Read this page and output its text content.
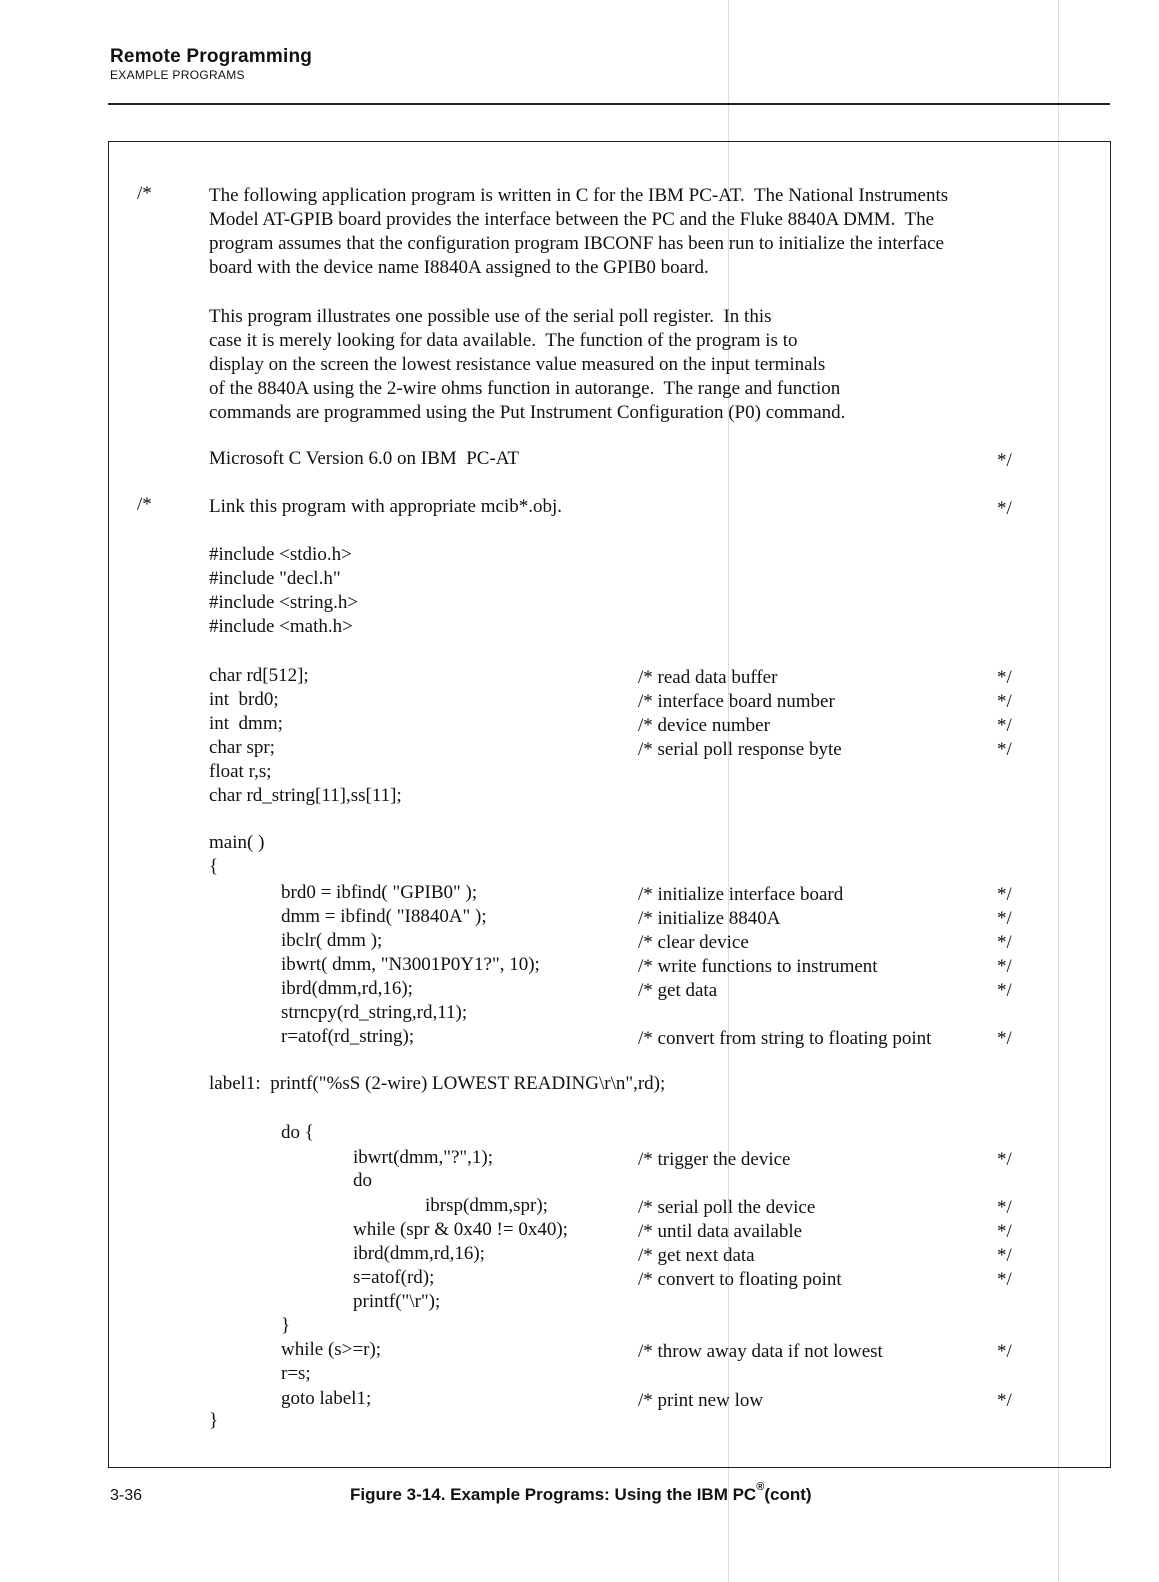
Remote Programming
EXAMPLE PROGRAMS
/*	The following application program is written in C for the IBM PC-AT.  The National Instruments
Model AT-GPIB board provides the interface between the PC and the Fluke 8840A DMM.  The
program assumes that the configuration program IBCONF has been run to initialize the interface
board with the device name I8840A assigned to the GPIB0 board.
This program illustrates one possible use of the serial poll register.  In this
case it is merely looking for data available.  The function of the program is to
display on the screen the lowest resistance value measured on the input terminals
of the 8840A using the 2-wire ohms function in autorange.  The range and function
commands are programmed using the Put Instrument Configuration (P0) command.
Microsoft C Version 6.0 on IBM  PC-AT	*/
/*	Link this program with appropriate mcib*.obj.	*/
#include <stdio.h>
#include "decl.h"
#include <string.h>
#include <math.h>
char rd[512];	/* read data buffer	*/
int  brd0;	/* interface board number	*/
int  dmm;	/* device number	*/
char spr;	/* serial poll response byte	*/
float r,s;
char rd_string[11],ss[11];
main( )
{
brd0 = ibfind( "GPIB0" );	/* initialize interface board	*/
dmm = ibfind( "I8840A" );	/* initialize 8840A	*/
ibclr( dmm );	/* clear device	*/
ibwrt( dmm, "N3001P0Y1?", 10);	/* write functions to instrument	*/
ibrd(dmm,rd,16);	/* get data	*/
strncpy(rd_string,rd,11);
r=atof(rd_string);	/* convert from string to floating point	*/
label1:  printf("%sS (2-wire) LOWEST READING\r\n",rd);
do {
ibwrt(dmm,"?",1);	/* trigger the device	*/
do
ibrsp(dmm,spr);	/* serial poll the device	*/
while (spr & 0x40 != 0x40);	/* until data available	*/
ibrd(dmm,rd,16);	/* get next data	*/
s=atof(rd);	/* convert to floating point	*/
printf("\r");
}
while (s>=r);	/* throw away data if not lowest	*/
r=s;
goto label1;	/* print new low	*/
}
3-36	Figure 3-14. Example Programs: Using the IBM PC®(cont)
